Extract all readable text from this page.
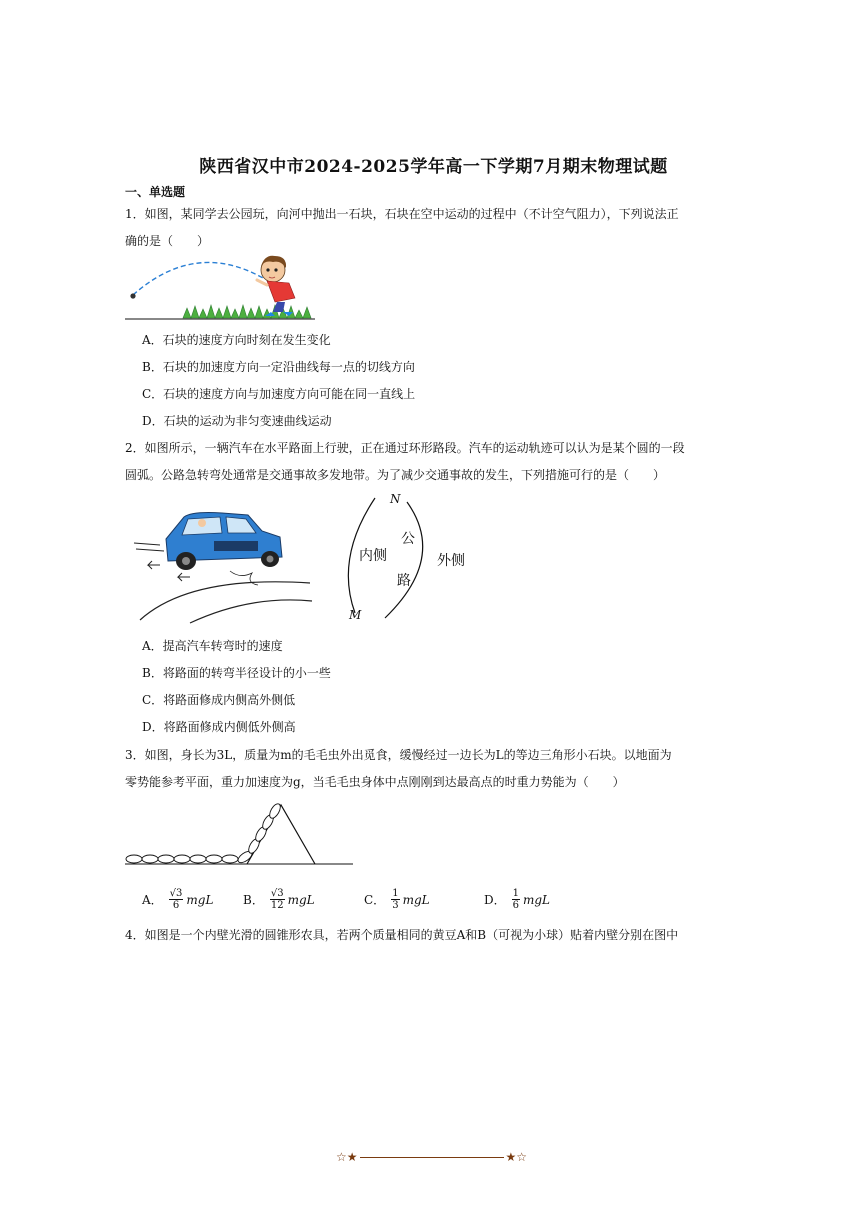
陕西省汉中市2024-2025学年高一下学期7月期末物理试题
一、单选题
1．如图，某同学去公园玩，向河中抛出一石块，石块在空中运动的过程中（不计空气阻力），下列说法正
确的是（　　）
A．石块的速度方向时刻在发生变化
B．石块的加速度方向一定沿曲线每一点的切线方向
C．石块的速度方向与加速度方向可能在同一直线上
D．石块的运动为非匀变速曲线运动
2．如图所示，一辆汽车在水平路面上行驶，正在通过环形路段。汽车的运动轨迹可以认为是某个圆的一段
圆弧。公路急转弯处通常是交通事故多发地带。为了减少交通事故的发生，下列措施可行的是（　　）
N
M
内侧	外侧
公
路
A．提高汽车转弯时的速度
B．将路面的转弯半径设计的小一些
C．将路面修成内侧高外侧低
D．将路面修成内侧低外侧高
3．如图，身长为3L，质量为m的毛毛虫外出觅食，缓慢经过一边长为L的等边三角形小石块。以地面为
零势能参考平面，重力加速度为g，当毛毛虫身体中点刚刚到达最高点的时重力势能为（　　）
A． $\frac{√3}{6}$ mgL B． $\frac{√3}{12}$ mgL	C． $\frac{1}{3}$ mgL	D． $\frac{1}{6}$ mgL
4．如图是一个内壁光滑的圆锥形农具，若两个质量相同的黄豆A和B（可视为小球）贴着内壁分别在图中
☆★	★☆
